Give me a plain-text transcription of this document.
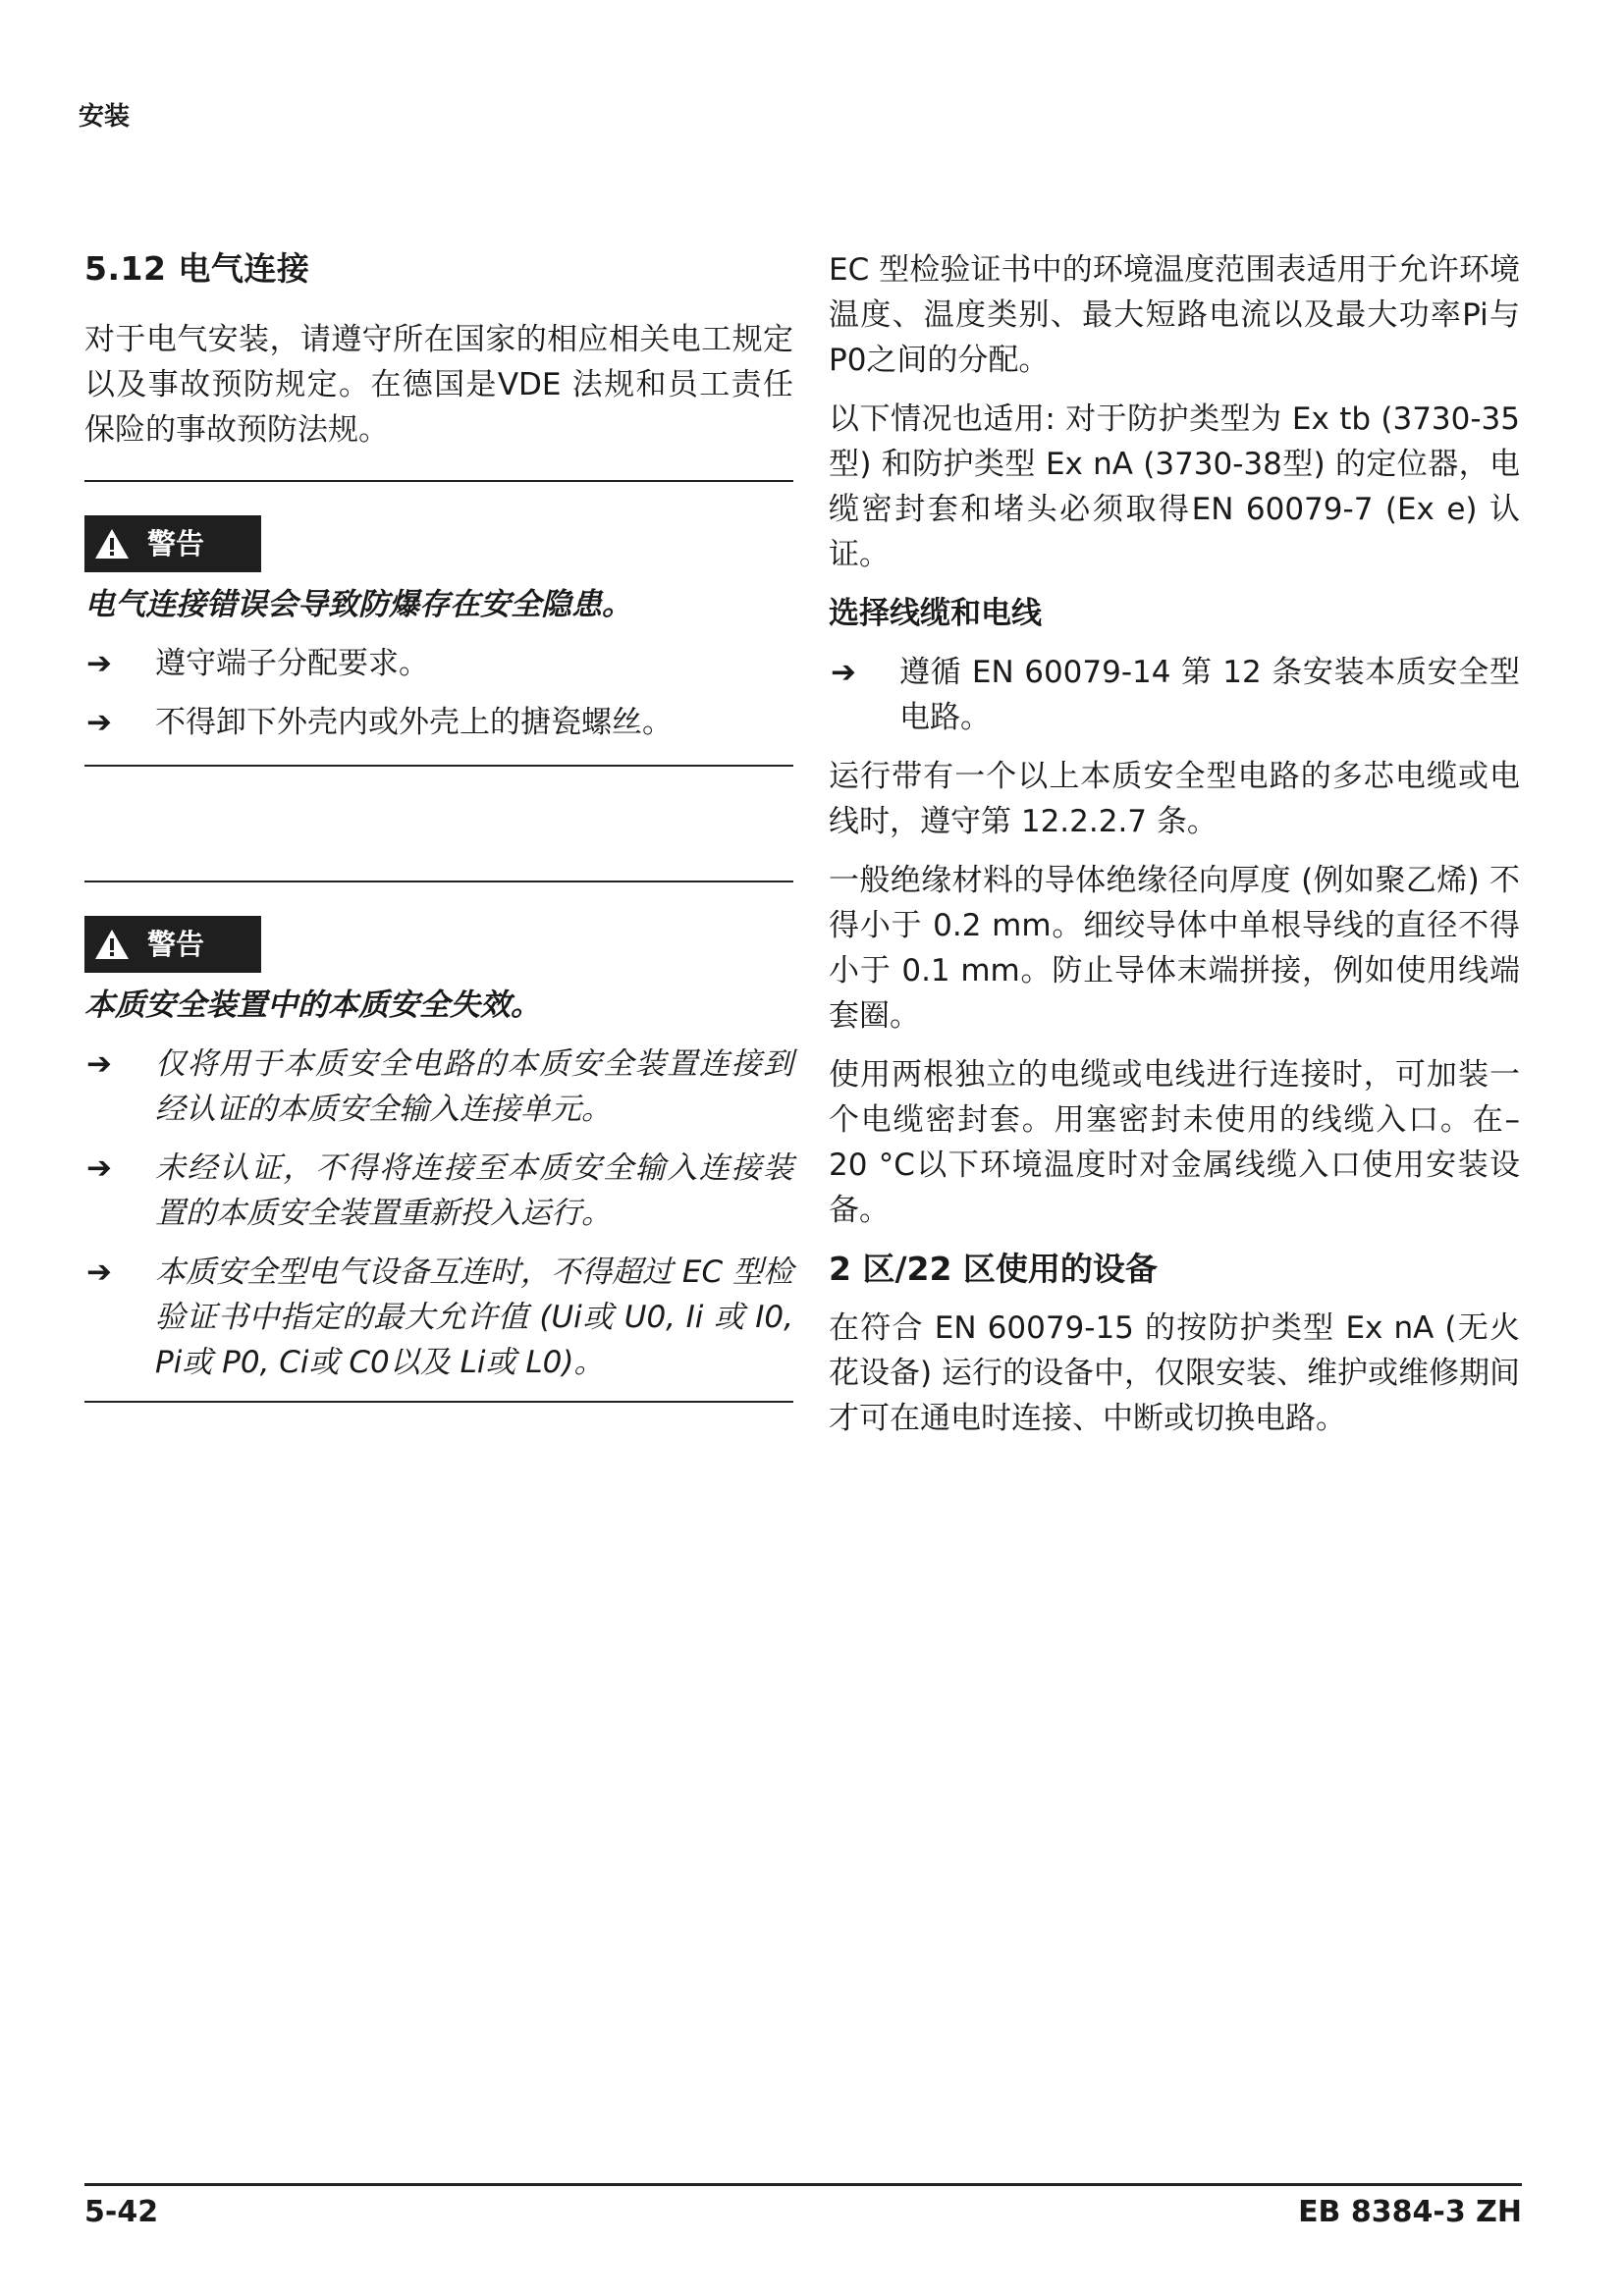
安装
5.12 电气连接

对于电气安装，请遵守所在国家的相应相关电工规定以及事故预防规定。在德国是VDE 法规和员工责任保险的事故预防法规。

警告
电气连接错误会导致防爆存在安全隐患。
➔ 遵守端子分配要求。
➔ 不得卸下外壳内或外壳上的搪瓷螺丝。
警告
本质安全装置中的本质安全失效。
➔ 仅将用于本质安全电路的本质安全装置连接到经认证的本质安全输入连接单元。
➔ 未经认证，不得将连接至本质安全输入连接装置的本质安全装置重新投入运行。
➔ 本质安全型电气设备互连时，不得超过 EC 型检验证书中指定的最大允许值 (Ui或 U0, Ii 或 I0, Pi或 P0, Ci或 C0以及 Li或 L0)。

EC 型检验证书中的环境温度范围表适用于允许环境温度、温度类别、最大短路电流以及最大功率Pi与 P0之间的分配。

以下情况也适用: 对于防护类型为 Ex tb (3730-35型) 和防护类型 Ex nA (3730-38型) 的定位器，电缆密封套和堵头必须取得EN 60079-7 (Ex e) 认证。

选择线缆和电线
➔ 遵循 EN 60079-14 第 12 条安装本质安全型电路。

运行带有一个以上本质安全型电路的多芯电缆或电线时，遵守第 12.2.2.7 条。

一般绝缘材料的导体绝缘径向厚度 (例如聚乙烯) 不得小于 0.2 mm。细绞导体中单根导线的直径不得小于 0.1 mm。防止导体末端拼接，例如使用线端套圈。

使用两根独立的电缆或电线进行连接时，可加装一个电缆密封套。用塞密封未使用的线缆入口。在–20 °C以下环境温度时对金属线缆入口使用安装设备。

2 区/22 区使用的设备

在符合 EN 60079-15 的按防护类型 Ex nA (无火花设备) 运行的设备中，仅限安装、维护或维修期间才可在通电时连接、中断或切换电路。

5-42	EB 8384-3 ZH
